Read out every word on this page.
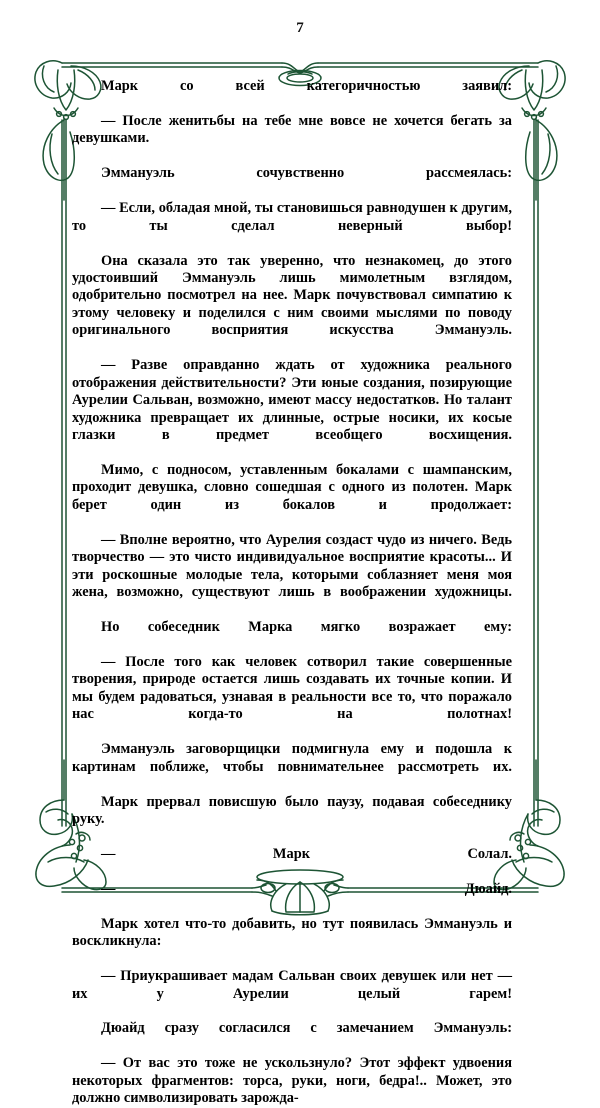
7

Марк со всей категоричностью заявил:

— После женитьбы на тебе мне вовсе не хочется бегать за девушками.

Эммануэль сочувственно рассмеялась:

— Если, обладая мной, ты становишься равнодушен к другим, то ты сделал неверный выбор!

Она сказала это так уверенно, что незнакомец, до этого удостоивший Эммануэль лишь мимолетным взглядом, одобрительно посмотрел на нее. Марк почувствовал симпатию к этому человеку и поделился с ним своими мыслями по поводу оригинального восприятия искусства Эммануэль.

— Разве оправданно ждать от художника реального отображения действительности? Эти юные создания, позирующие Аурелии Сальван, возможно, имеют массу недостатков. Но талант художника превращает их длинные, острые носики, их косые глазки в предмет всеобщего восхищения.

Мимо, с подносом, уставленным бокалами с шампанским, проходит девушка, словно сошедшая с одного из полотен. Марк берет один из бокалов и продолжает:

— Вполне вероятно, что Аурелия создаст чудо из ничего. Ведь творчество — это чисто индивидуальное восприятие красоты... И эти роскошные молодые тела, которыми соблазняет меня моя жена, возможно, существуют лишь в воображении художницы.

Но собеседник Марка мягко возражает ему:

— После того как человек сотворил такие совершенные творения, природе остается лишь создавать их точные копии. И мы будем радоваться, узнавая в реальности все то, что поражало нас когда-то на полотнах!

Эммануэль заговорщицки подмигнула ему и подошла к картинам поближе, чтобы повнимательнее рассмотреть их.

Марк прервал повисшую было паузу, подавая собеседнику руку.

— Марк Солал.

— Дюайд.

Марк хотел что-то добавить, но тут появилась Эммануэль и воскликнула:

— Приукрашивает мадам Сальван своих девушек или нет — их у Аурелии целый гарем!

Дюайд сразу согласился с замечанием Эммануэль:

— От вас это тоже не ускользнуло? Этот эффект удвоения некоторых фрагментов: торса, руки, ноги, бедра!.. Может, это должно символизировать зарожда-
